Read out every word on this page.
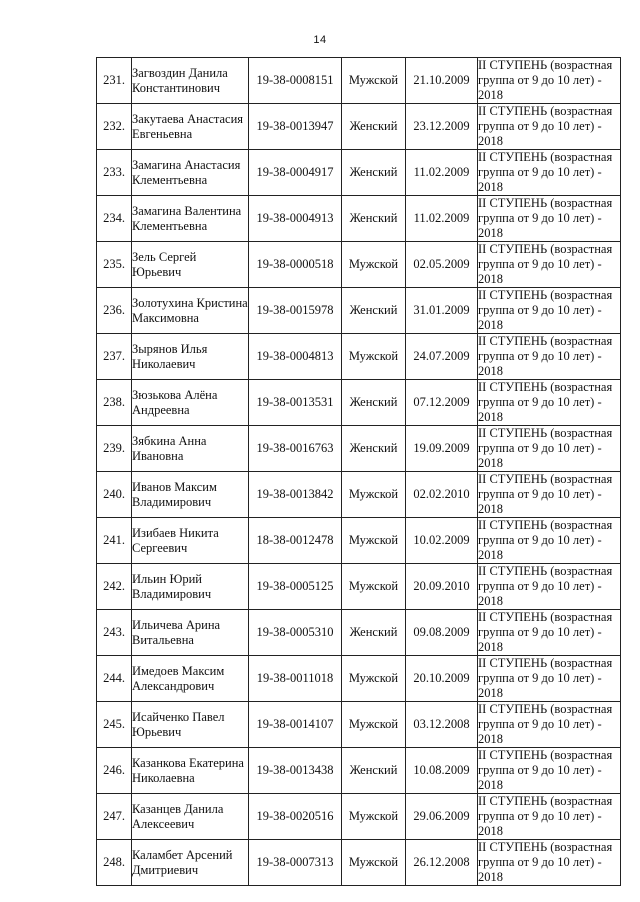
14
231.	Загвоздин Данила Константинович	19-38-0008151	Мужской	21.10.2009	II СТУПЕНЬ (возрастная группа от 9 до 10 лет) - 2018
232.	Закутаева Анастасия Евгеньевна	19-38-0013947	Женский	23.12.2009	II СТУПЕНЬ (возрастная группа от 9 до 10 лет) - 2018
233.	Замагина Анастасия Клементьевна	19-38-0004917	Женский	11.02.2009	II СТУПЕНЬ (возрастная группа от 9 до 10 лет) - 2018
234.	Замагина Валентина Клементьевна	19-38-0004913	Женский	11.02.2009	II СТУПЕНЬ (возрастная группа от 9 до 10 лет) - 2018
235.	Зель Сергей Юрьевич	19-38-0000518	Мужской	02.05.2009	II СТУПЕНЬ (возрастная группа от 9 до 10 лет) - 2018
236.	Золотухина Кристина Максимовна	19-38-0015978	Женский	31.01.2009	II СТУПЕНЬ (возрастная группа от 9 до 10 лет) - 2018
237.	Зырянов Илья Николаевич	19-38-0004813	Мужской	24.07.2009	II СТУПЕНЬ (возрастная группа от 9 до 10 лет) - 2018
238.	Зюзькова Алёна Андреевна	19-38-0013531	Женский	07.12.2009	II СТУПЕНЬ (возрастная группа от 9 до 10 лет) - 2018
239.	Зябкина Анна Ивановна	19-38-0016763	Женский	19.09.2009	II СТУПЕНЬ (возрастная группа от 9 до 10 лет) - 2018
240.	Иванов Максим Владимирович	19-38-0013842	Мужской	02.02.2010	II СТУПЕНЬ (возрастная группа от 9 до 10 лет) - 2018
241.	Изибаев Никита Сергеевич	18-38-0012478	Мужской	10.02.2009	II СТУПЕНЬ (возрастная группа от 9 до 10 лет) - 2018
242.	Ильин Юрий Владимирович	19-38-0005125	Мужской	20.09.2010	II СТУПЕНЬ (возрастная группа от 9 до 10 лет) - 2018
243.	Ильичева Арина Витальевна	19-38-0005310	Женский	09.08.2009	II СТУПЕНЬ (возрастная группа от 9 до 10 лет) - 2018
244.	Имедоев Максим Александрович	19-38-0011018	Мужской	20.10.2009	II СТУПЕНЬ (возрастная группа от 9 до 10 лет) - 2018
245.	Исайченко Павел Юрьевич	19-38-0014107	Мужской	03.12.2008	II СТУПЕНЬ (возрастная группа от 9 до 10 лет) - 2018
246.	Казанкова Екатерина Николаевна	19-38-0013438	Женский	10.08.2009	II СТУПЕНЬ (возрастная группа от 9 до 10 лет) - 2018
247.	Казанцев Данила Алексеевич	19-38-0020516	Мужской	29.06.2009	II СТУПЕНЬ (возрастная группа от 9 до 10 лет) - 2018
248.	Каламбет Арсений Дмитриевич	19-38-0007313	Мужской	26.12.2008	II СТУПЕНЬ (возрастная группа от 9 до 10 лет) - 2018
